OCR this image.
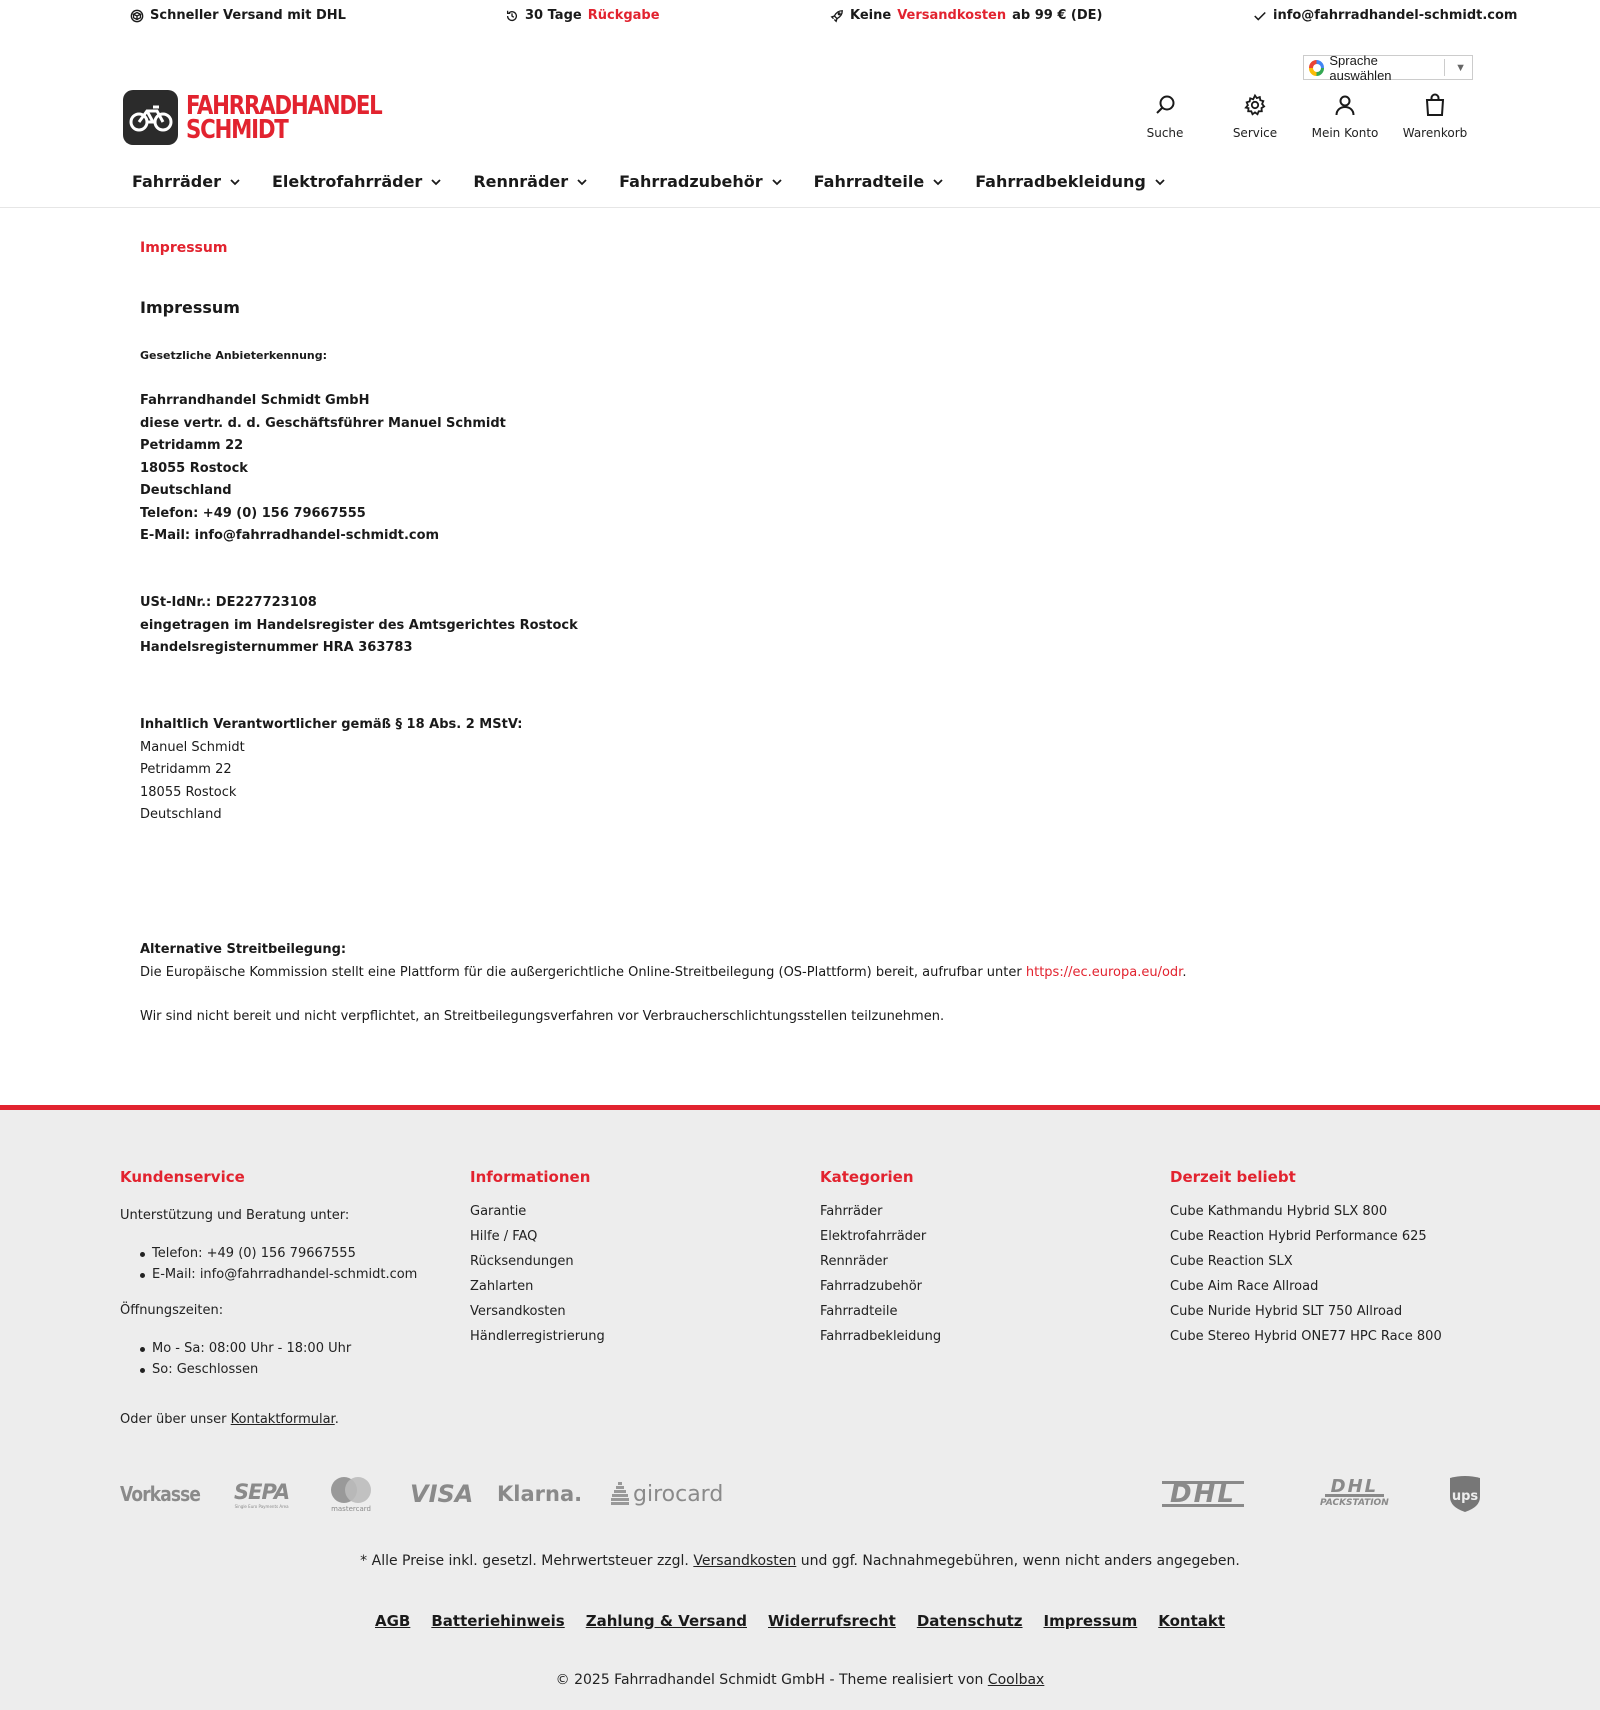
Schneller Versand mit DHL	30 Tage Rückgabe	Keine Versandkosten ab 99 € (DE)	info@fahrradhandel-schmidt.com
Sprache auswählen	▼
FAHRRADHANDEL
SCHMIDT	Suche	Service	Mein Konto	Warenkorb
Fahrräder	Elektrofahrräder	Rennräder	Fahrradzubehör	Fahrradteile	Fahrradbekleidung
Impressum
Impressum
Gesetzliche Anbieterkennung:
Fahrrandhandel Schmidt GmbH
diese vertr. d. d. Geschäftsführer Manuel Schmidt
Petridamm 22
18055 Rostock
Deutschland
Telefon: +49 (0) 156 79667555
E-Mail: info@fahrradhandel-schmidt.com
USt-IdNr.: DE227723108
eingetragen im Handelsregister des Amtsgerichtes Rostock
Handelsregisternummer HRA 363783
Inhaltlich Verantwortlicher gemäß § 18 Abs. 2 MStV:
Manuel Schmidt
Petridamm 22
18055 Rostock
Deutschland
Alternative Streitbeilegung:
Die Europäische Kommission stellt eine Plattform für die außergerichtliche Online-Streitbeilegung (OS-Plattform) bereit, aufrufbar unter https://ec.europa.eu/odr.
Wir sind nicht bereit und nicht verpflichtet, an Streitbeilegungsverfahren vor Verbraucherschlichtungsstellen teilzunehmen.
Kundenservice

Unterstützung und Beratung unter:

Telefon: +49 (0) 156 79667555
E-Mail: info@fahrradhandel-schmidt.com

Öffnungszeiten:

Mo - Sa: 08:00 Uhr - 18:00 Uhr
So: Geschlossen

Oder über unser Kontaktformular.

Informationen
Garantie
Hilfe / FAQ
Rücksendungen
Zahlarten
Versandkosten
Händlerregistrierung
Kategorien
Fahrräder
Elektrofahrräder
Rennräder
Fahrradzubehör
Fahrradteile
Fahrradbekleidung
Derzeit beliebt
Cube Kathmandu Hybrid SLX 800
Cube Reaction Hybrid Performance 625
Cube Reaction SLX
Cube Aim Race Allroad
Cube Nuride Hybrid SLT 750 Allroad
Cube Stereo Hybrid ONE77 HPC Race 800
Vorkasse SEPA
Single Euro Payments Area	mastercard
VISA Klarna. girocard	DHL	DHL
PACKSTATION	ups
* Alle Preise inkl. gesetzl. Mehrwertsteuer zzgl. Versandkosten und ggf. Nachnahmegebühren, wenn nicht anders angegeben.
AGB Batteriehinweis Zahlung & Versand Widerrufsrecht Datenschutz Impressum Kontakt
© 2025 Fahrradhandel Schmidt GmbH - Theme realisiert von Coolbax
